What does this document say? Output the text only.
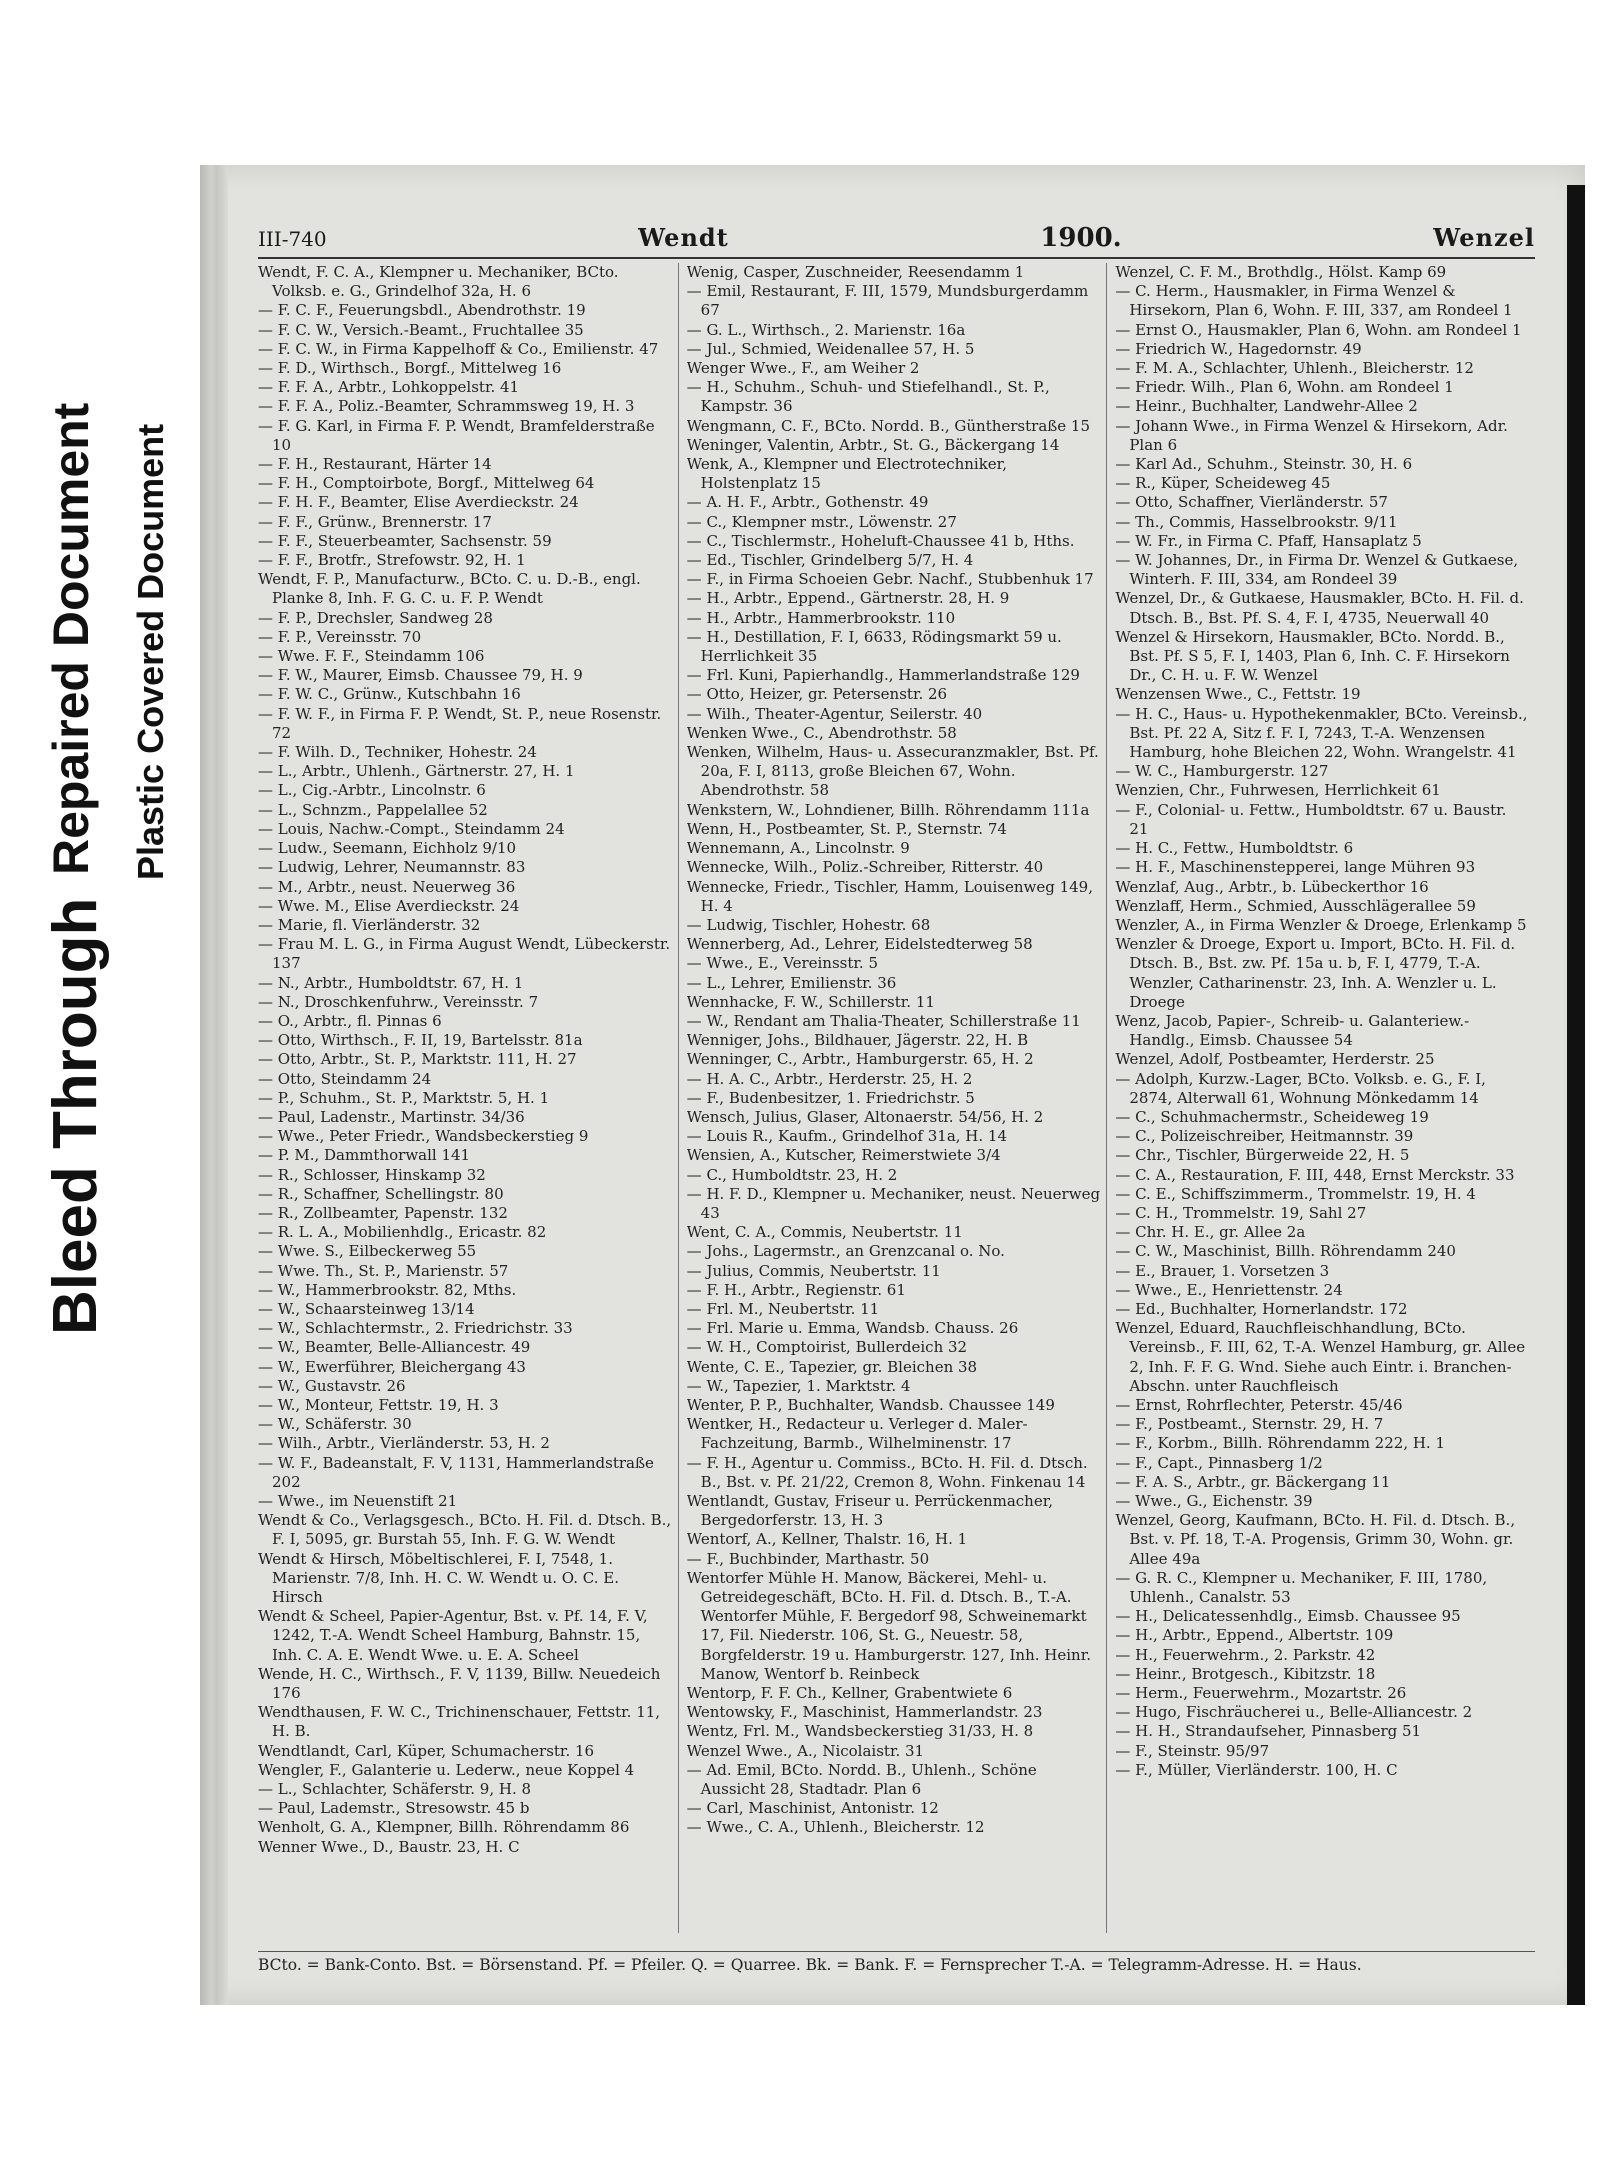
Bleed Through
Repaired Document Plastic Covered Document
III-740	Wendt	1900.	Wenzel
Wendt, F. C. A., Klempner u. Mechaniker, BCto. Volksb. e. G., Grindelhof 32a, H. 6
— F. C. F., Feuerungsbdl., Abendrothstr. 19
— F. C. W., Versich.-Beamt., Fruchtallee 35
— F. C. W., in Firma Kappelhoff & Co., Emilienstr. 47
— F. D., Wirthsch., Borgf., Mittelweg 16
— F. F. A., Arbtr., Lohkoppelstr. 41
— F. F. A., Poliz.-Beamter, Schrammsweg 19, H. 3
— F. G. Karl, in Firma F. P. Wendt, Bramfelderstraße 10
— F. H., Restaurant, Härter 14
— F. H., Comptoirbote, Borgf., Mittelweg 64
— F. H. F., Beamter, Elise Averdieckstr. 24
— F. F., Grünw., Brennerstr. 17
— F. F., Steuerbeamter, Sachsenstr. 59
— F. F., Brotfr., Strefowstr. 92, H. 1
Wendt, F. P., Manufacturw., BCto. C. u. D.-B., engl. Planke 8, Inh. F. G. C. u. F. P. Wendt
— F. P., Drechsler, Sandweg 28
— F. P., Vereinsstr. 70
— Wwe. F. F., Steindamm 106
— F. W., Maurer, Eimsb. Chaussee 79, H. 9
— F. W. C., Grünw., Kutschbahn 16
— F. W. F., in Firma F. P. Wendt, St. P., neue Rosenstr. 72
— F. Wilh. D., Techniker, Hohestr. 24
— L., Arbtr., Uhlenh., Gärtnerstr. 27, H. 1
— L., Cig.-Arbtr., Lincolnstr. 6
— L., Schnzm., Pappelallee 52
— Louis, Nachw.-Compt., Steindamm 24
— Ludw., Seemann, Eichholz 9/10
— Ludwig, Lehrer, Neumannstr. 83
— M., Arbtr., neust. Neuerweg 36
— Wwe. M., Elise Averdieckstr. 24
— Marie, fl. Vierländerstr. 32
— Frau M. L. G., in Firma August Wendt, Lübeckerstr. 137
— N., Arbtr., Humboldtstr. 67, H. 1
— N., Droschkenfuhrw., Vereinsstr. 7
— O., Arbtr., fl. Pinnas 6
— Otto, Wirthsch., F. II, 19, Bartelsstr. 81a
— Otto, Arbtr., St. P., Marktstr. 111, H. 27
— Otto, Steindamm 24
— P., Schuhm., St. P., Marktstr. 5, H. 1
— Paul, Ladenstr., Martinstr. 34/36
— Wwe., Peter Friedr., Wandsbeckerstieg 9
— P. M., Dammthorwall 141
— R., Schlosser, Hinskamp 32
— R., Schaffner, Schellingstr. 80
— R., Zollbeamter, Papenstr. 132
— R. L. A., Mobilienhdlg., Ericastr. 82
— Wwe. S., Eilbeckerweg 55
— Wwe. Th., St. P., Marienstr. 57
— W., Hammerbrookstr. 82, Mths.
— W., Schaarsteinweg 13/14
— W., Schlachtermstr., 2. Friedrichstr. 33
— W., Beamter, Belle-Alliancestr. 49
— W., Ewerführer, Bleichergang 43
— W., Gustavstr. 26
— W., Monteur, Fettstr. 19, H. 3
— W., Schäferstr. 30
— Wilh., Arbtr., Vierländerstr. 53, H. 2
— W. F., Badeanstalt, F. V, 1131, Hammerlandstraße 202
— Wwe., im Neuenstift 21
Wendt & Co., Verlagsgesch., BCto. H. Fil. d. Dtsch. B., F. I, 5095, gr. Burstah 55, Inh. F. G. W. Wendt
Wendt & Hirsch, Möbeltischlerei, F. I, 7548, 1. Marienstr. 7/8, Inh. H. C. W. Wendt u. O. C. E. Hirsch
Wendt & Scheel, Papier-Agentur, Bst. v. Pf. 14, F. V, 1242, T.-A. Wendt Scheel Hamburg, Bahnstr. 15, Inh. C. A. E. Wendt Wwe. u. E. A. Scheel
Wende, H. C., Wirthsch., F. V, 1139, Billw. Neuedeich 176
Wendthausen, F. W. C., Trichinenschauer, Fettstr. 11, H. B.
Wendtlandt, Carl, Küper, Schumacherstr. 16
Wengler, F., Galanterie u. Lederw., neue Koppel 4
— L., Schlachter, Schäferstr. 9, H. 8
— Paul, Lademstr., Stresowstr. 45 b
Wenholt, G. A., Klempner, Billh. Röhrendamm 86
Wenner Wwe., D., Baustr. 23, H. C
Wenig, Casper, Zuschneider, Reesendamm 1
— Emil, Restaurant, F. III, 1579, Mundsburgerdamm 67
— G. L., Wirthsch., 2. Marienstr. 16a
— Jul., Schmied, Weidenallee 57, H. 5
Wenger Wwe., F., am Weiher 2
— H., Schuhm., Schuh- und Stiefelhandl., St. P., Kampstr. 36
Wengmann, C. F., BCto. Nordd. B., Güntherstraße 15
Weninger, Valentin, Arbtr., St. G., Bäckergang 14
Wenk, A., Klempner und Electrotechniker, Holstenplatz 15
— A. H. F., Arbtr., Gothenstr. 49
— C., Klempner mstr., Löwenstr. 27
— C., Tischlermstr., Hoheluft-Chaussee 41 b, Hths.
— Ed., Tischler, Grindelberg 5/7, H. 4
— F., in Firma Schoeien Gebr. Nachf., Stubbenhuk 17
— H., Arbtr., Eppend., Gärtnerstr. 28, H. 9
— H., Arbtr., Hammerbrookstr. 110
— H., Destillation, F. I, 6633, Rödingsmarkt 59 u. Herrlichkeit 35
— Frl. Kuni, Papierhandlg., Hammerlandstraße 129
— Otto, Heizer, gr. Petersenstr. 26
— Wilh., Theater-Agentur, Seilerstr. 40
Wenken Wwe., C., Abendrothstr. 58
Wenken, Wilhelm, Haus- u. Assecuranzmakler, Bst. Pf. 20a, F. I, 8113, große Bleichen 67, Wohn. Abendrothstr. 58
Wenkstern, W., Lohndiener, Billh. Röhrendamm 111a
Wenn, H., Postbeamter, St. P., Sternstr. 74
Wennemann, A., Lincolnstr. 9
Wennecke, Wilh., Poliz.-Schreiber, Ritterstr. 40
Wennecke, Friedr., Tischler, Hamm, Louisenweg 149, H. 4
— Ludwig, Tischler, Hohestr. 68
Wennerberg, Ad., Lehrer, Eidelstedterweg 58
— Wwe., E., Vereinsstr. 5
— L., Lehrer, Emilienstr. 36
Wennhacke, F. W., Schillerstr. 11
— W., Rendant am Thalia-Theater, Schillerstraße 11
Wenniger, Johs., Bildhauer, Jägerstr. 22, H. B
Wenninger, C., Arbtr., Hamburgerstr. 65, H. 2
— H. A. C., Arbtr., Herderstr. 25, H. 2
— F., Budenbesitzer, 1. Friedrichstr. 5
Wensch, Julius, Glaser, Altonaerstr. 54/56, H. 2
— Louis R., Kaufm., Grindelhof 31a, H. 14
Wensien, A., Kutscher, Reimerstwiete 3/4
— C., Humboldtstr. 23, H. 2
— H. F. D., Klempner u. Mechaniker, neust. Neuerweg 43
Went, C. A., Commis, Neubertstr. 11
— Johs., Lagermstr., an Grenzcanal o. No.
— Julius, Commis, Neubertstr. 11
— F. H., Arbtr., Regienstr. 61
— Frl. M., Neubertstr. 11
— Frl. Marie u. Emma, Wandsb. Chauss. 26
— W. H., Comptoirist, Bullerdeich 32
Wente, C. E., Tapezier, gr. Bleichen 38
— W., Tapezier, 1. Marktstr. 4
Wenter, P. P., Buchhalter, Wandsb. Chaussee 149
Wentker, H., Redacteur u. Verleger d. Maler-Fachzeitung, Barmb., Wilhelminenstr. 17
— F. H., Agentur u. Commiss., BCto. H. Fil. d. Dtsch. B., Bst. v. Pf. 21/22, Cremon 8, Wohn. Finkenau 14
Wentlandt, Gustav, Friseur u. Perrückenmacher, Bergedorferstr. 13, H. 3
Wentorf, A., Kellner, Thalstr. 16, H. 1
— F., Buchbinder, Marthastr. 50
Wentorfer Mühle H. Manow, Bäckerei, Mehl- u. Getreidegeschäft, BCto. H. Fil. d. Dtsch. B., T.-A. Wentorfer Mühle, F. Bergedorf 98, Schweinemarkt 17, Fil. Niederstr. 106, St. G., Neuestr. 58, Borgfelderstr. 19 u. Hamburgerstr. 127, Inh. Heinr. Manow, Wentorf b. Reinbeck
Wentorp, F. F. Ch., Kellner, Grabentwiete 6
Wentowsky, F., Maschinist, Hammerlandstr. 23
Wentz, Frl. M., Wandsbeckerstieg 31/33, H. 8
Wenzel Wwe., A., Nicolaistr. 31
— Ad. Emil, BCto. Nordd. B., Uhlenh., Schöne Aussicht 28, Stadtadr. Plan 6
— Carl, Maschinist, Antonistr. 12
— Wwe., C. A., Uhlenh., Bleicherstr. 12
Wenzel, C. F. M., Brothdlg., Hölst. Kamp 69
— C. Herm., Hausmakler, in Firma Wenzel & Hirsekorn, Plan 6, Wohn. F. III, 337, am Rondeel 1
— Ernst O., Hausmakler, Plan 6, Wohn. am Rondeel 1
— Friedrich W., Hagedornstr. 49
— F. M. A., Schlachter, Uhlenh., Bleicherstr. 12
— Friedr. Wilh., Plan 6, Wohn. am Rondeel 1
— Heinr., Buchhalter, Landwehr-Allee 2
— Johann Wwe., in Firma Wenzel & Hirsekorn, Adr. Plan 6
— Karl Ad., Schuhm., Steinstr. 30, H. 6
— R., Küper, Scheideweg 45
— Otto, Schaffner, Vierländerstr. 57
— Th., Commis, Hasselbrookstr. 9/11
— W. Fr., in Firma C. Pfaff, Hansaplatz 5
— W. Johannes, Dr., in Firma Dr. Wenzel & Gutkaese, Winterh. F. III, 334, am Rondeel 39
Wenzel, Dr., & Gutkaese, Hausmakler, BCto. H. Fil. d. Dtsch. B., Bst. Pf. S. 4, F. I, 4735, Neuerwall 40
Wenzel & Hirsekorn, Hausmakler, BCto. Nordd. B., Bst. Pf. S 5, F. I, 1403, Plan 6, Inh. C. F. Hirsekorn Dr., C. H. u. F. W. Wenzel
Wenzensen Wwe., C., Fettstr. 19
— H. C., Haus- u. Hypothekenmakler, BCto. Vereinsb., Bst. Pf. 22 A, Sitz f. F. I, 7243, T.-A. Wenzensen Hamburg, hohe Bleichen 22, Wohn. Wrangelstr. 41
— W. C., Hamburgerstr. 127
Wenzien, Chr., Fuhrwesen, Herrlichkeit 61
— F., Colonial- u. Fettw., Humboldtstr. 67 u. Baustr. 21
— H. C., Fettw., Humboldtstr. 6
— H. F., Maschinenstepperei, lange Mühren 93
Wenzlaf, Aug., Arbtr., b. Lübeckerthor 16
Wenzlaff, Herm., Schmied, Ausschlägerallee 59
Wenzler, A., in Firma Wenzler & Droege, Erlenkamp 5
Wenzler & Droege, Export u. Import, BCto. H. Fil. d. Dtsch. B., Bst. zw. Pf. 15a u. b, F. I, 4779, T.-A. Wenzler, Catharinenstr. 23, Inh. A. Wenzler u. L. Droege
Wenz, Jacob, Papier-, Schreib- u. Galanteriew.-Handlg., Eimsb. Chaussee 54
Wenzel, Adolf, Postbeamter, Herderstr. 25
— Adolph, Kurzw.-Lager, BCto. Volksb. e. G., F. I, 2874, Alterwall 61, Wohnung Mönkedamm 14
— C., Schuhmachermstr., Scheideweg 19
— C., Polizeischreiber, Heitmannstr. 39
— Chr., Tischler, Bürgerweide 22, H. 5
— C. A., Restauration, F. III, 448, Ernst Merckstr. 33
— C. E., Schiffszimmerm., Trommelstr. 19, H. 4
— C. H., Trommelstr. 19, Sahl 27
— Chr. H. E., gr. Allee 2a
— C. W., Maschinist, Billh. Röhrendamm 240
— E., Brauer, 1. Vorsetzen 3
— Wwe., E., Henriettenstr. 24
— Ed., Buchhalter, Hornerlandstr. 172
Wenzel, Eduard, Rauchfleischhandlung, BCto. Vereinsb., F. III, 62, T.-A. Wenzel Hamburg, gr. Allee 2, Inh. F. F. G. Wnd. Siehe auch Eintr. i. Branchen-Abschn. unter Rauchfleisch
— Ernst, Rohrflechter, Peterstr. 45/46
— F., Postbeamt., Sternstr. 29, H. 7
— F., Korbm., Billh. Röhrendamm 222, H. 1
— F., Capt., Pinnasberg 1/2
— F. A. S., Arbtr., gr. Bäckergang 11
— Wwe., G., Eichenstr. 39
Wenzel, Georg, Kaufmann, BCto. H. Fil. d. Dtsch. B., Bst. v. Pf. 18, T.-A. Progensis, Grimm 30, Wohn. gr. Allee 49a
— G. R. C., Klempner u. Mechaniker, F. III, 1780, Uhlenh., Canalstr. 53
— H., Delicatessenhdlg., Eimsb. Chaussee 95
— H., Arbtr., Eppend., Albertstr. 109
— H., Feuerwehrm., 2. Parkstr. 42
— Heinr., Brotgesch., Kibitzstr. 18
— Herm., Feuerwehrm., Mozartstr. 26
— Hugo, Fischräucherei u., Belle-Alliancestr. 2
— H. H., Strandaufseher, Pinnasberg 51
— F., Steinstr. 95/97
— F., Müller, Vierländerstr. 100, H. C
BCto. = Bank-Conto. Bst. = Börsenstand. Pf. = Pfeiler. Q. = Quarree. Bk. = Bank. F. = Fernsprecher T.-A. = Telegramm-Adresse. H. = Haus.
